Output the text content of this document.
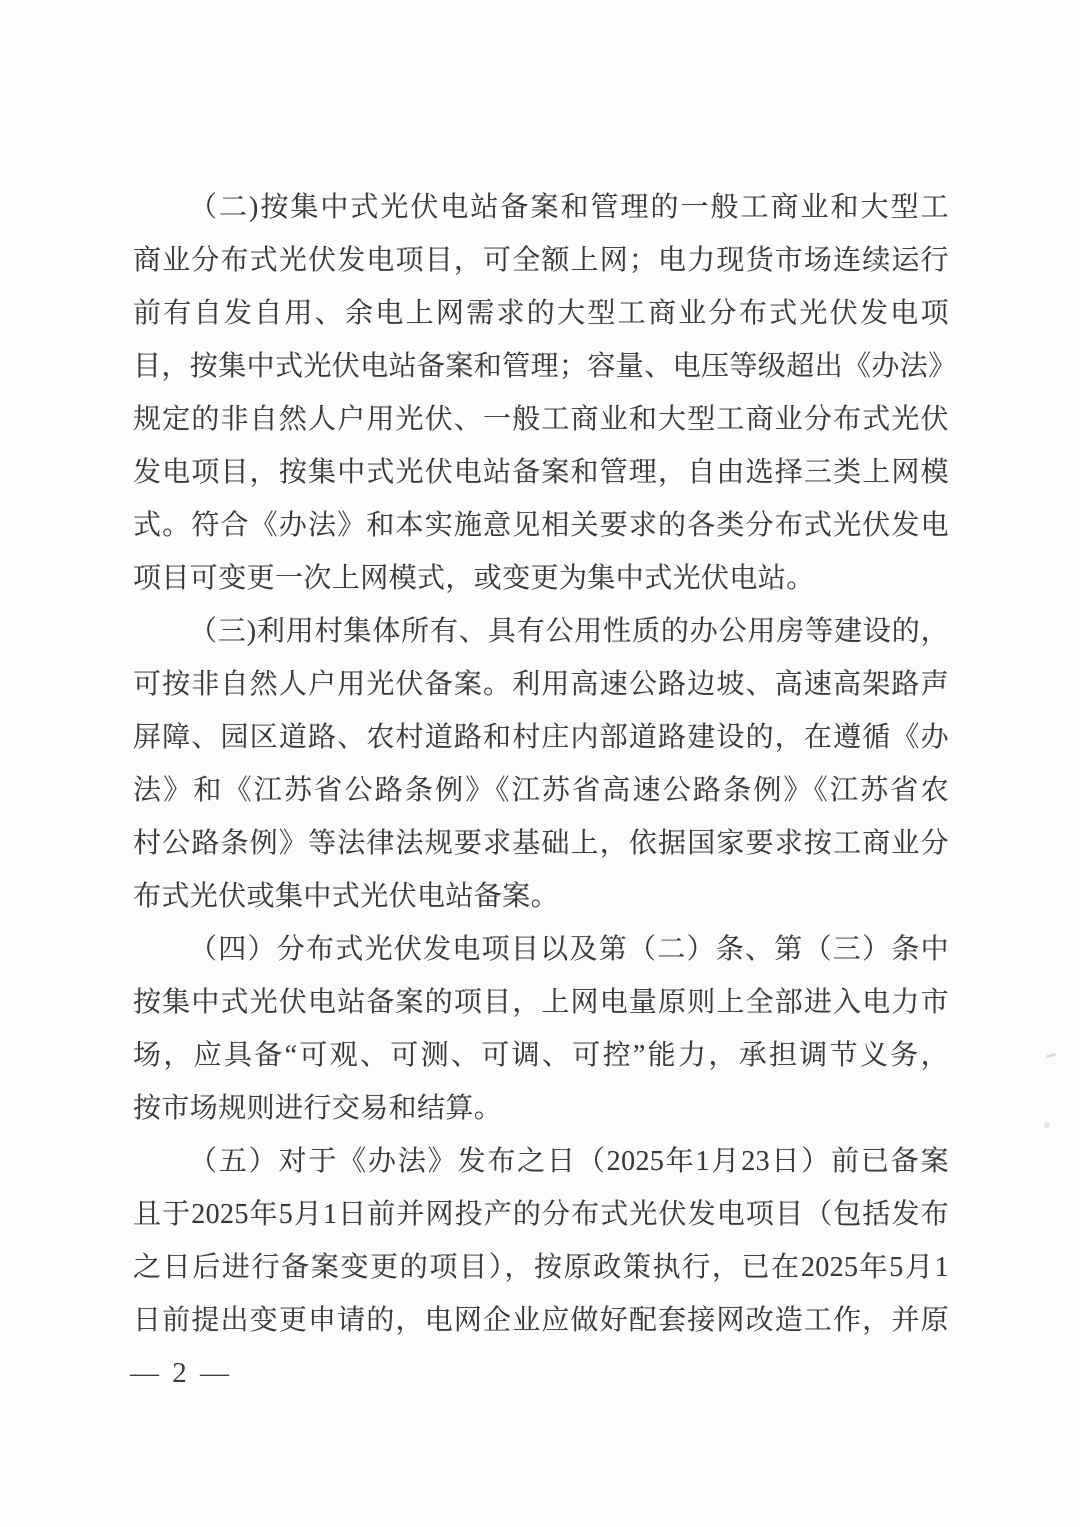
（二)按集中式光伏电站备案和管理的一般工商业和大型工
商业分布式光伏发电项目，可全额上网；电力现货市场连续运行
前有自发自用、余电上网需求的大型工商业分布式光伏发电项
目，按集中式光伏电站备案和管理；容量、电压等级超出《办法》
规定的非自然人户用光伏、一般工商业和大型工商业分布式光伏
发电项目，按集中式光伏电站备案和管理，自由选择三类上网模
式。符合《办法》和本实施意见相关要求的各类分布式光伏发电
项目可变更一次上网模式，或变更为集中式光伏电站。
（三)利用村集体所有、具有公用性质的办公用房等建设的，
可按非自然人户用光伏备案。利用高速公路边坡、高速高架路声
屏障、园区道路、农村道路和村庄内部道路建设的，在遵循《办
法》和《江苏省公路条例》《江苏省高速公路条例》《江苏省农
村公路条例》等法律法规要求基础上，依据国家要求按工商业分
布式光伏或集中式光伏电站备案。
（四）分布式光伏发电项目以及第（二）条、第（三）条中
按集中式光伏电站备案的项目，上网电量原则上全部进入电力市
场，应具备“可观、可测、可调、可控”能力，承担调节义务，
按市场规则进行交易和结算。
（五）对于《办法》发布之日（2025年1月23日）前已备案
且于2025年5月1日前并网投产的分布式光伏发电项目（包括发布
之日后进行备案变更的项目），按原政策执行，已在2025年5月1
日前提出变更申请的，电网企业应做好配套接网改造工作，并原
— 2 —
